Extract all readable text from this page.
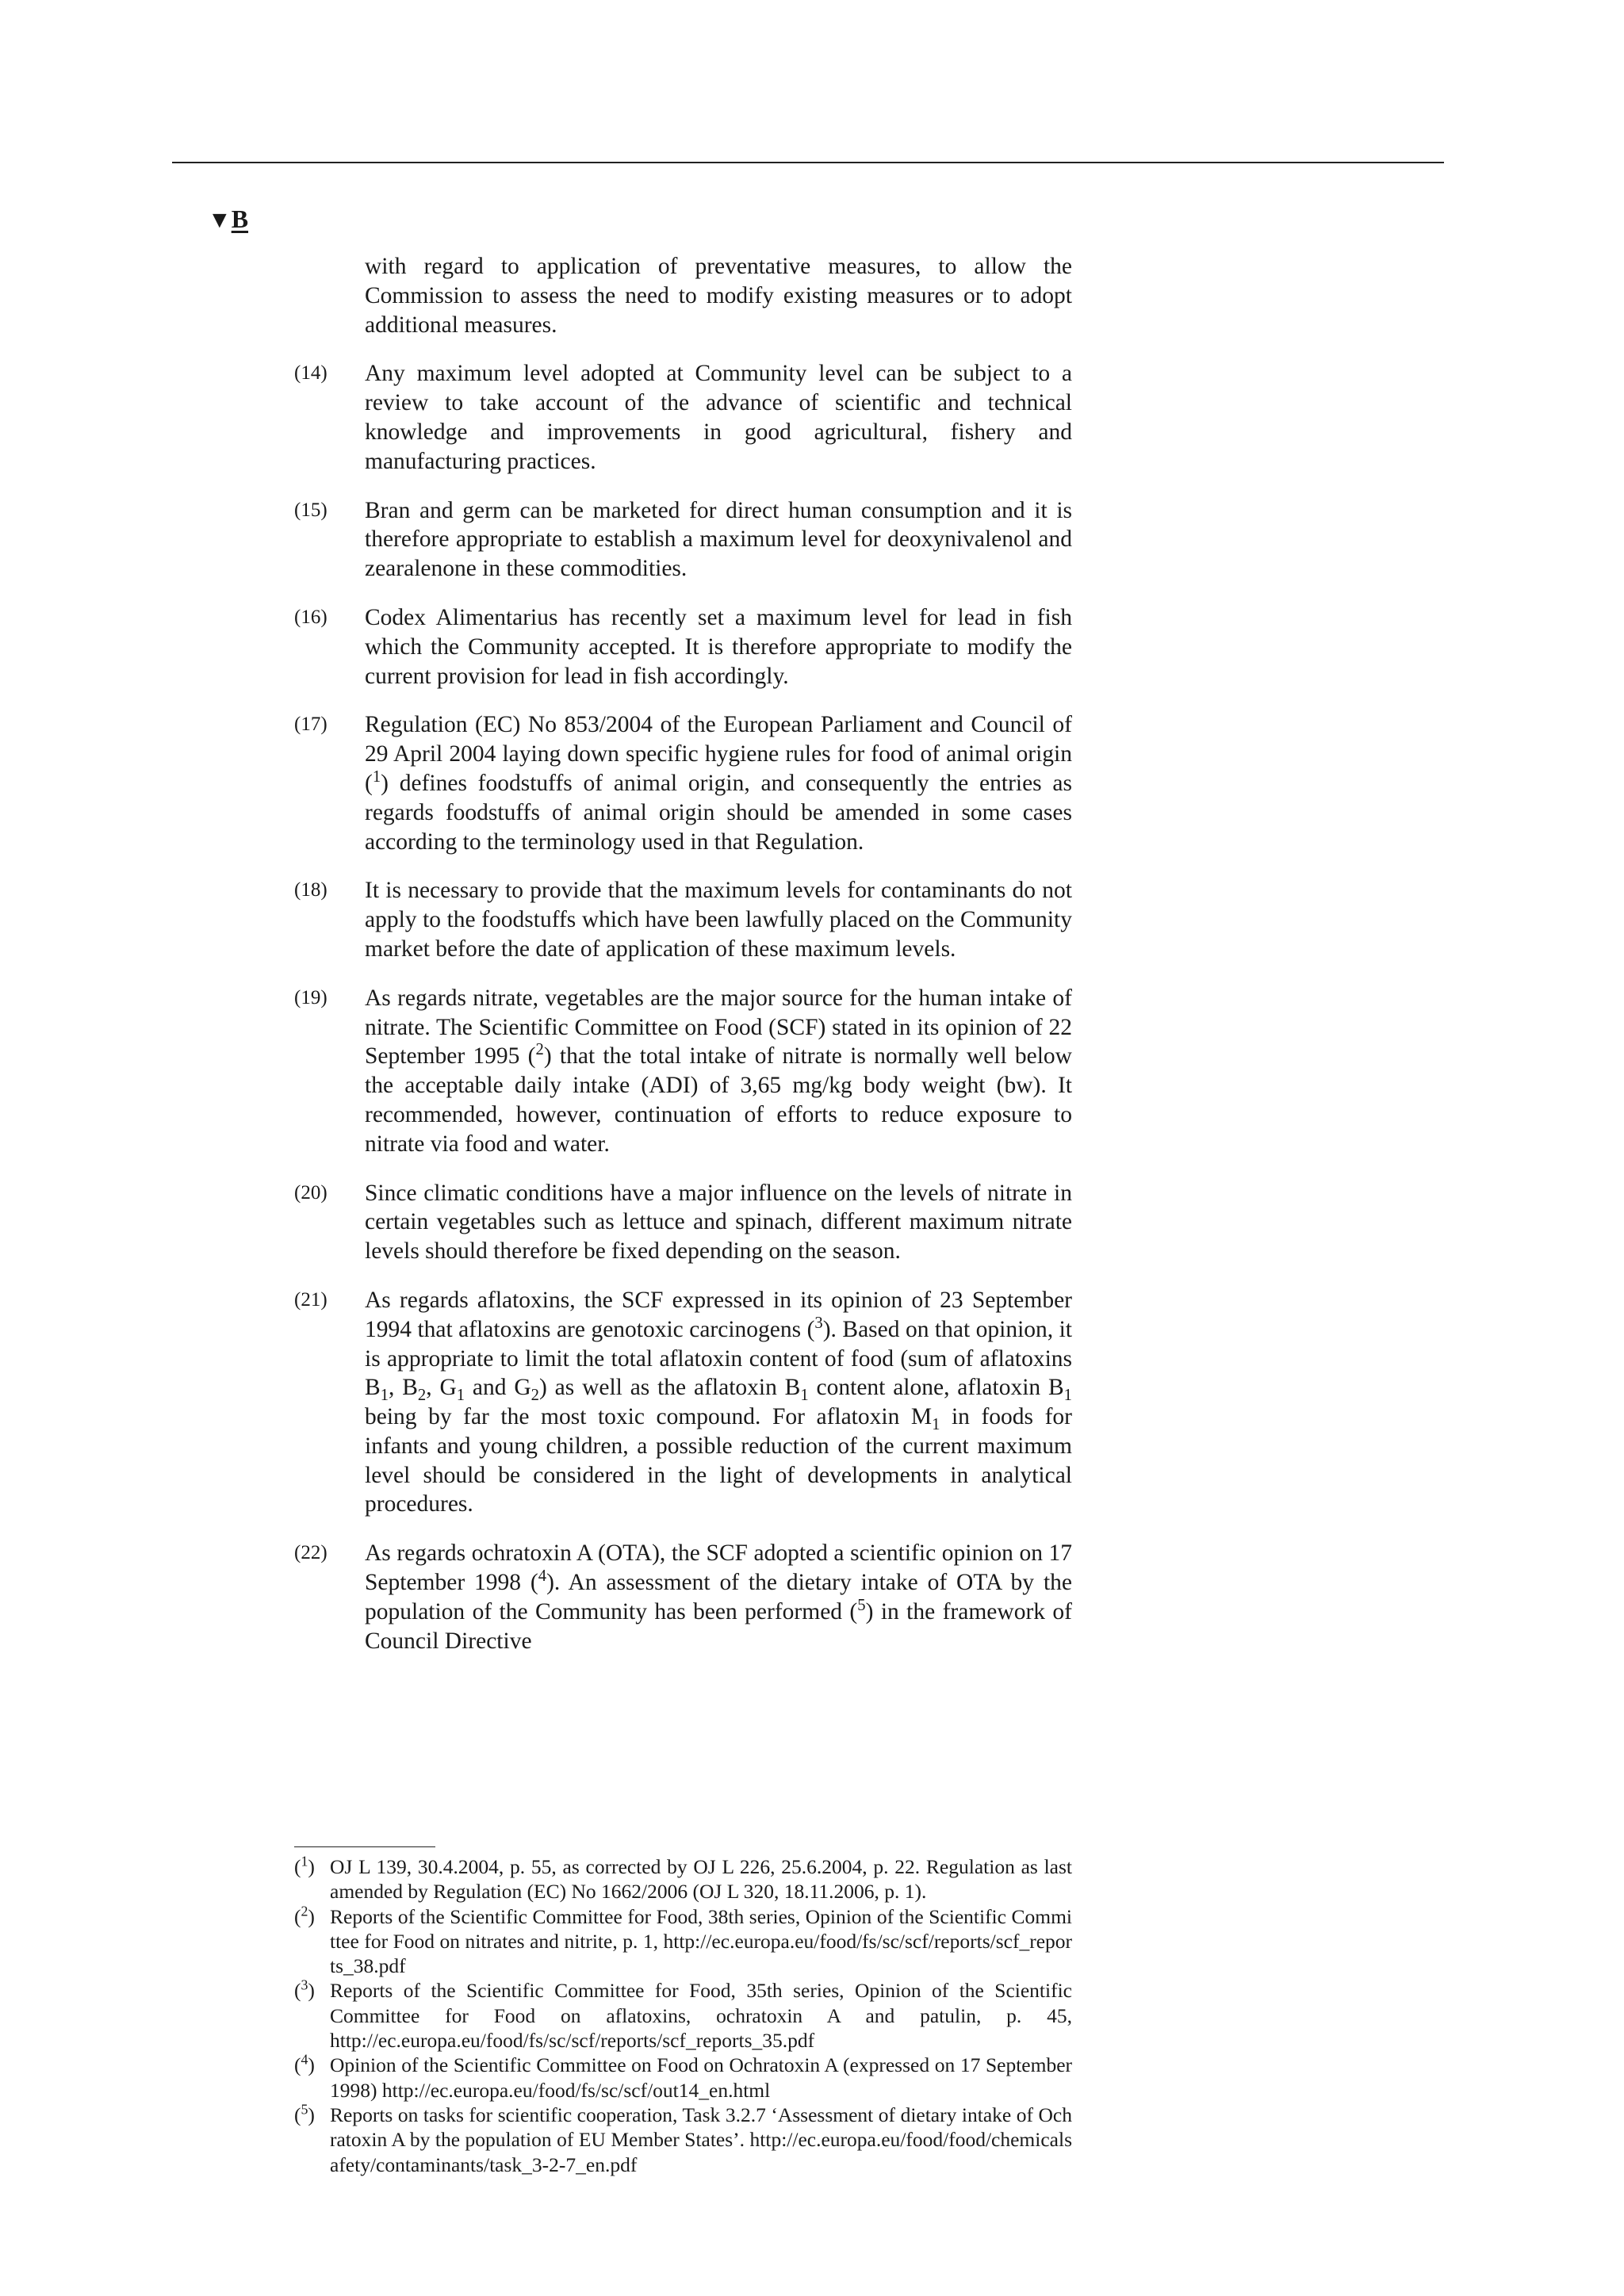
▼B
with regard to application of preventative measures, to allow the Commission to assess the need to modify existing measures or to adopt additional measures.
(14)	Any maximum level adopted at Community level can be subject to a review to take account of the advance of scientific and technical knowledge and improvements in good agricultural, fishery and manufacturing practices.
(15)	Bran and germ can be marketed for direct human consumption and it is therefore appropriate to establish a maximum level for deoxynivalenol and zearalenone in these commodities.
(16)	Codex Alimentarius has recently set a maximum level for lead in fish which the Community accepted. It is therefore appropriate to modify the current provision for lead in fish accordingly.
(17)	Regulation (EC) No 853/2004 of the European Parliament and Council of 29 April 2004 laying down specific hygiene rules for food of animal origin ($^1$) defines foodstuffs of animal origin, and consequently the entries as regards foodstuffs of animal origin should be amended in some cases according to the terminology used in that Regulation.
(18)	It is necessary to provide that the maximum levels for contaminants do not apply to the foodstuffs which have been lawfully placed on the Community market before the date of application of these maximum levels.
(19)	As regards nitrate, vegetables are the major source for the human intake of nitrate. The Scientific Committee on Food (SCF) stated in its opinion of 22 September 1995 ($^2$) that the total intake of nitrate is normally well below the acceptable daily intake (ADI) of 3,65 mg/kg body weight (bw). It recommended, however, continuation of efforts to reduce exposure to nitrate via food and water.
(20)	Since climatic conditions have a major influence on the levels of nitrate in certain vegetables such as lettuce and spinach, different maximum nitrate levels should therefore be fixed depending on the season.
(21)	As regards aflatoxins, the SCF expressed in its opinion of 23 September 1994 that aflatoxins are genotoxic carcinogens ($^3$). Based on that opinion, it is appropriate to limit the total aflatoxin content of food (sum of aflatoxins $B_1$, $B_2$, $G_1$ and $G_2$) as well as the aflatoxin $B_1$ content alone, aflatoxin $B_1$ being by far the most toxic compound. For aflatoxin $M_1$ in foods for infants and young children, a possible reduction of the current maximum level should be considered in the light of developments in analytical procedures.
(22)	As regards ochratoxin A (OTA), the SCF adopted a scientific opinion on 17 September 1998 ($^4$). An assessment of the dietary intake of OTA by the population of the Community has been performed ($^5$) in the framework of Council Directive
($^1$) OJ L 139, 30.4.2004, p. 55, as corrected by OJ L 226, 25.6.2004, p. 22. Regulation as last amended by Regulation (EC) No 1662/2006 (OJ L 320, 18.11.2006, p. 1).
($^2$) Reports of the Scientific Committee for Food, 38th series, Opinion of the Scientific Committee for Food on nitrates and nitrite, p. 1, http://ec.europa.eu/food/fs/sc/scf/reports/scf_reports_38.pdf
($^3$) Reports of the Scientific Committee for Food, 35th series, Opinion of the Scientific Committee for Food on aflatoxins, ochratoxin A and patulin, p. 45, http://ec.europa.eu/food/fs/sc/scf/reports/scf_reports_35.pdf
($^4$) Opinion of the Scientific Committee on Food on Ochratoxin A (expressed on 17 September 1998) http://ec.europa.eu/food/fs/sc/scf/out14_en.html
($^5$) Reports on tasks for scientific cooperation, Task 3.2.7 ‘Assessment of dietary intake of Ochratoxin A by the population of EU Member States’. http://ec.europa.eu/food/food/chemicalsafety/contaminants/task_3-2-7_en.pdf
